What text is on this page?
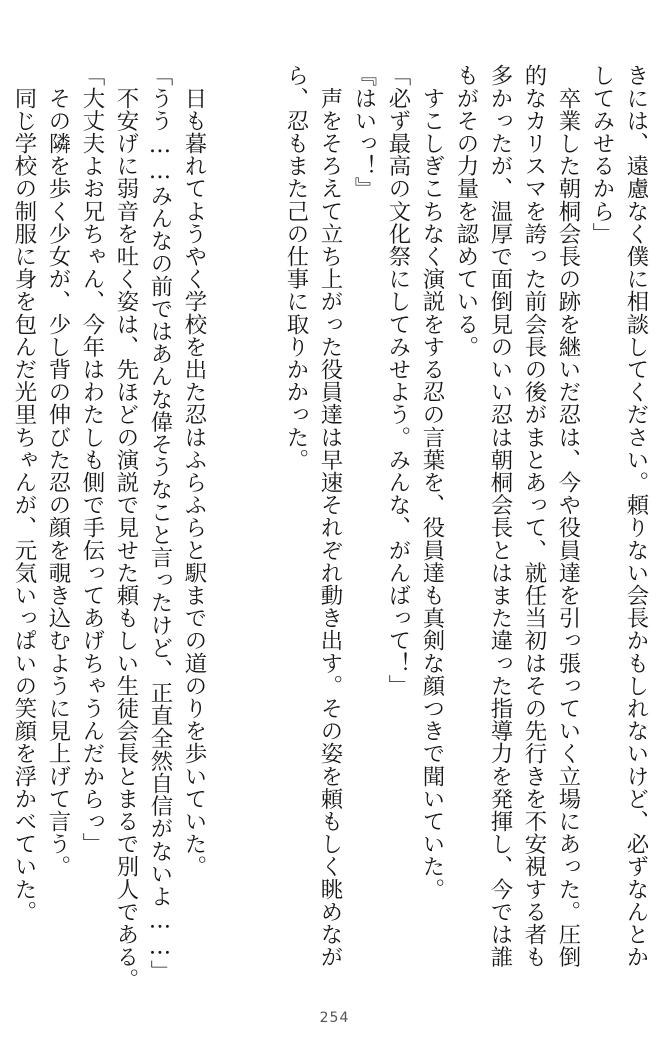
きには、遠慮なく僕に相談してください。頼りない会長かもしれないけど、必ずなんとか
してみせるから」
　卒業した朝桐会長の跡を継いだ忍は、今や役員達を引っ張っていく立場にあった。圧倒
的なカリスマを誇った前会長の後がまとあって、就任当初はその先行きを不安視する者も
多かったが、温厚で面倒見のいい忍は朝桐会長とはまた違った指導力を発揮し、今では誰
もがその力量を認めている。
　すこしぎこちなく演説をする忍の言葉を、役員達も真剣な顔つきで聞いていた。
「必ず最高の文化祭にしてみせよう。みんな、がんばって！」
『はいっ！』
　声をそろえて立ち上がった役員達は早速それぞれ動き出す。その姿を頼もしく眺めなが
ら、忍もまた己の仕事に取りかかった。
　日も暮れてようやく学校を出た忍はふらふらと駅までの道のりを歩いていた。
「うう……みんなの前ではあんな偉そうなこと言ったけど、正直全然自信がないよ……」
　不安げに弱音を吐く姿は、先ほどの演説で見せた頼もしい生徒会長とまるで別人である。
「大丈夫よお兄ちゃん、今年はわたしも側で手伝ってあげちゃうんだからっ」
　その隣を歩く少女が、少し背の伸びた忍の顔を覗き込むように見上げて言う。
　同じ学校の制服に身を包んだ光里ちゃんが、元気いっぱいの笑顔を浮かべていた。
254
